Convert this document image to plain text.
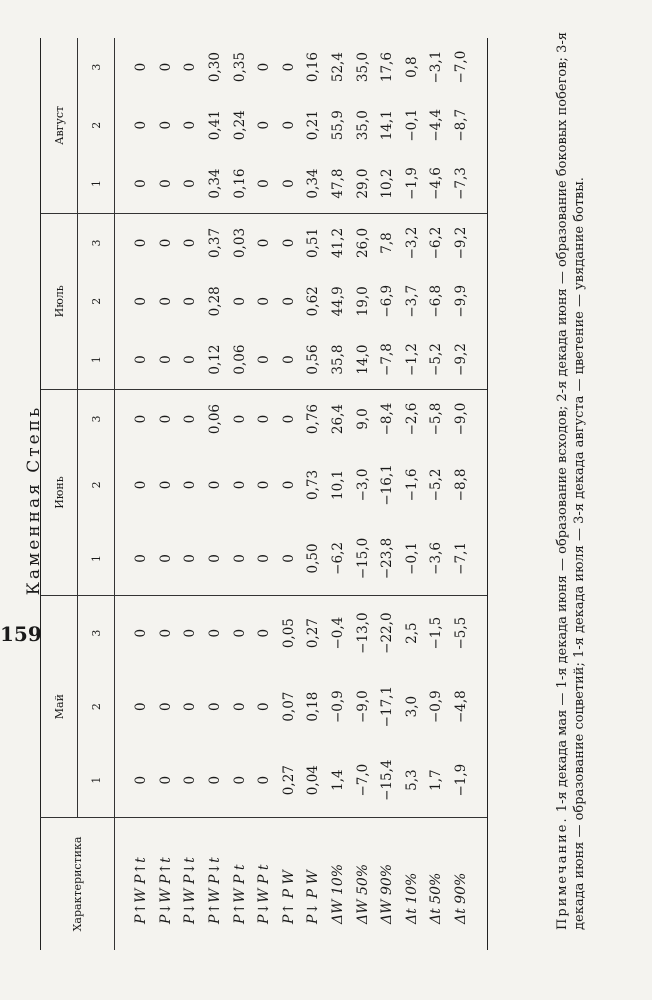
Каменная Степь
Характеристика	Май			Июнь			Июль			Август		
	1	2	3	1	2	3	1	2	3	1	2	3
P↑W P↑t	0	0	0	0	0	0	0	0	0	0	0	0
P↓W P↑t	0	0	0	0	0	0	0	0	0	0	0	0
P↓W P↓t	0	0	0	0	0	0	0	0	0	0	0	0
P↑W P↓t	0	0	0	0	0	0,06	0,12	0,28	0,37	0,34	0,41	0,30
P↑W P t	0	0	0	0	0	0	0,06	0	0,03	0,16	0,24	0,35
P↓W P t	0	0	0	0	0	0	0	0	0	0	0	0
P↑ P W	0,27	0,07	0,05	0	0	0	0	0	0	0	0	0
P↓ P W	0,04	0,18	0,27	0,50	0,73	0,76	0,56	0,62	0,51	0,34	0,21	0,16
ΔW 10%	1,4	−0,9	−0,4	−6,2	10,1	26,4	35,8	44,9	41,2	47,8	55,9	52,4
ΔW 50%	−7,0	−9,0	−13,0	−15,0	−3,0	9,0	14,0	19,0	26,0	29,0	35,0	35,0
ΔW 90%	−15,4	−17,1	−22,0	−23,8	−16,1	−8,4	−7,8	−6,9	7,8	10,2	14,1	17,6
Δt 10%	5,3	3,0	2,5	−0,1	−1,6	−2,6	−1,2	−3,7	−3,2	−1,9	−0,1	0,8
Δt 50%	1,7	−0,9	−1,5	−3,6	−5,2	−5,8	−5,2	−6,8	−6,2	−4,6	−4,4	−3,1
Δt 90%	−1,9	−4,8	−5,5	−7,1	−8,8	−9,0	−9,2	−9,9	−9,2	−7,3	−8,7	−7,0
Примечание. 1-я декада мая — 1-я декада июня — образование всходов; 2-я декада июня — образование боковых побегов; 3-я декада июня — образование соцветий; 1-я декада июля — 3-я декада августа — цветение — увядание ботвы.
159
